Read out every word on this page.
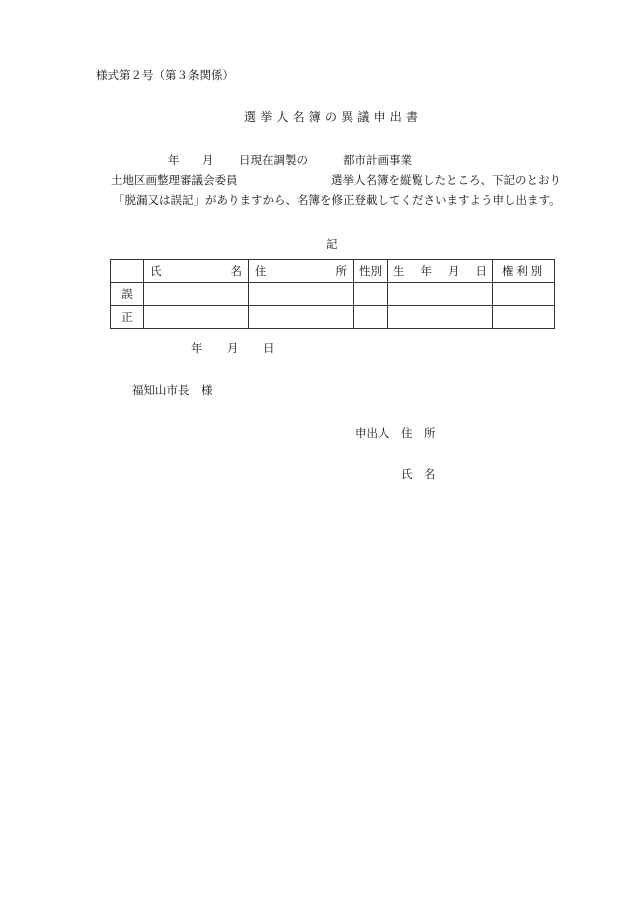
様式第２号（第３条関係）
選挙人名簿の異議申出書
年 月 日現在調製の	都市計画事業
土地区画整理審議会委員	選挙人名簿を縦覧したところ、下記のとおり
「脱漏又は誤記」がありますから、名簿を修正登載してくださいますよう申し出ます。
記

	氏 名	住 所	性別	生 年 月 日	権利別
誤					
正					
年 月 日
福知山市長　様
申出人 住　所
氏　名
